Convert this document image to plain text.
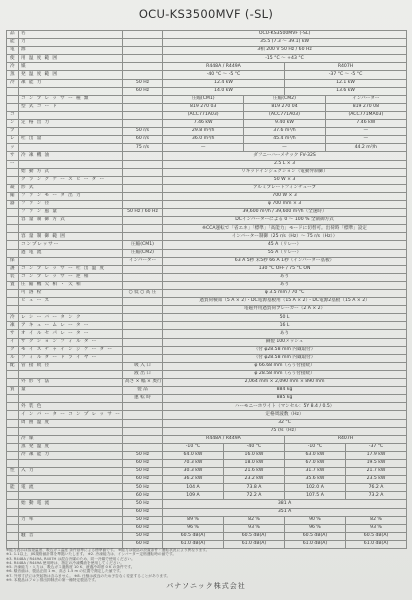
OCU-KS3500MVF (-SL)
品	名		OCU-KS3500MVF (-SL)					
能	力		35.5 (7.3 ～ 39.1) kW					
電	源		3相 200 V 50 Hz / 60 Hz					
使	用 温 度 範 囲		-15 °C ～ +43 °C					
冷	媒		R448A / R449A			R407H		
蒸	発 温 度 範 囲		-40 °C ～ -5 °C			-37 °C ～ -5 °C		
冷	凍 能 力	50 Hz	12.4 kW			12.1 kW		
		60 Hz	14.0 kW			13.6 kW		
	コ ン プ レ ッ サ ー 種 類		圧縮(CM1)		圧縮(CM2)		インバーター	
	型 式 コ ー ド		819 270 03		819 270 04		819 270 08	
コ			(ACC771A03)		(ACC771A03)		(ACC771MA03)	
ン	定 格 出 力		7.46 kW		9.40 kW		7.46 kW	
プ		50 r/s	29.8 m³/h		37.6 m³/h		—	
レ	吐 出 量	60 r/s	36.0 m³/h		45.4 m³/h		—	
ッ		75 r/s	—		—		44.2 m³/h	
サ	冷 凍 機 油		ダフニーハーメチック FV-32S					
ー			2.5 L × 3					
	始 動 方 式		リキッドインジェクション（電動弁制御）					
	ク ラ ン ク ケ ー ス ヒ ー タ ー		50 W × 3					
凝	形 式		アルミプレートフィンチューブ					
縮	フ ァ ン モ ー タ 出 力		700 W × 3					
器	フ ァ ン 径		φ 700 mm × 3					
	フ ァ ン 風 量	50 Hz / 60 Hz	39,600 m³/h / 39,600 m³/h（全速時）					
	容 量 制 御 方 式		DCインバーターによる 0 ～ 100 % 全制御方式					
			※CCA運転で「省エネ」「標準」「高能力」モードに切替可。出荷時「標準」設定					
	容 量 制 御 範 囲		インバーター制御（25 r/s（Hz）～ 75 r/s（Hz））					
	コンプレッサー	圧縮(CM1)	45 A（リレー）					
	過 電 流	圧縮(CM2)	55 A（リレー）					
保		インバーター	63 A 5秒 未5秒 66 A 1秒（インバーター基板）					
護	コ ン プ レ ッ サ ー 吐 出 温 度		130 °C OFF / 75 °C ON					
装	コ ン プ レ ッ サ ー 逆 相		あり					
置	圧 縮 機 欠 相 ・ 欠 相		あり					
	可 溶 栓	○ 低 ○ 高 圧	φ 3.5 mm / 70 °C					
	ヒ ュ ー ズ		過負荷検知（5 A × 2）・DC電源基板用（15 A × 2）・DC電源2基板（15 A × 2）					
			電磁弁用過負荷ブレーカー（2 A × 2）					
冷	レ シ ー バ ー タ ン ク		50 L					
凍	ア キ ュ ー ム レ ー タ ー		16 L					
サ	オ イ ル セ パ レ ー タ ー		あり					
イ	サ ク シ ョ ン フ ィ ル タ ー		銅製 100メッシュ					
ク	モ イ ス チ ャ イ ン ジ ケ ー タ ー		（付 φ28.58 mm 内蔵取付）					
ル	フ ィ ル タ ー ド ラ イ ヤ ー		（付 φ28.58 mm 内蔵取付）					
配	管 接 続 径	吸 入 口	φ 66.68 mm（ろう付接続）					
		液 出 口	φ 28.58 mm（ろう付接続）					
	外 形 寸 法	高さ × 幅 × 奥行	2,064 mm × 2,090 mm × 890 mm					
質	量	製 品	884 kg					
		運 転 時	885 kg					
	外 装 色		ハーモニーホワイト（マンセル：5Y 8.4 / 0.5）					
	イ ン バ ー タ ー コ ン プ レ ッ サ ー		定格周波数（Hz）					
	周 囲 温 度		32 °C					
			75 r/s（Hz）					
	冷 媒		R448A / R449A			R407H		
	蒸 発 温 度		-10 °C	-40 °C		-10 °C		-37 °C
	冷 凍 能 力	50 Hz	64.0 kW	16.0 kW		63.0 kW		17.9 kW
		60 Hz	70.3 kW	18.0 kW		67.0 kW		19.5 kW
性	入 力	50 Hz	30.3 kW	21.6 kW		31.7 kW		21.7 kW
		60 Hz	36.2 kW	23.2 kW		35.6 kW		23.5 kW
能	電 流	50 Hz	104 A	73.8 A		102.0 A		76.2 A
		60 Hz	109 A	72.2 A		107.5 A		73.2 A
	始 動 電 流	50 Hz	381 A					
		60 Hz	351 A					
	力 率	50 Hz	89 %	82 %		90 %		82 %
		60 Hz	96 %	93 %		96 %		93 %
	騒 音	50 Hz	60.5 dB(A)	60.5 dB(A)		60.5 dB(A)		60.5 dB(A)
		60 Hz	61.0 dB(A)	61.0 dB(A)		61.0 dB(A)		61.0 dB(A)
※能力表示は蒸発温度、吸込ガス温度 条件基準による標準値です。 ※能力は製品の設置条件・運転状況により異なります。
※1. 1.1以上、JIS規格値計算を準拠いたします。 ※2. 冷凍能力は、インバーター定格運転時の値です。
※3. R448A / R449A, R407H は混合冷媒のため、同一冷媒で使用ください。
※4. R448A / R449A 使用時は、指定の冷凍機油を使用してください。
※5. 冷凍能力・入力は、吸込ガス過熱度 10 K、液過冷却度 0 K の条件です。
※6. 騒音値は、製品正面 1 m、高さ 1.5 m の位置で測定した値です。
※7. 外形寸法には突起物は含みません。 ※8. 仕様は改良のため予告なく変更することがあります。
※9. 本製品はフロン排出抑制法の第一種特定製品です。
パナソニック株式会社
